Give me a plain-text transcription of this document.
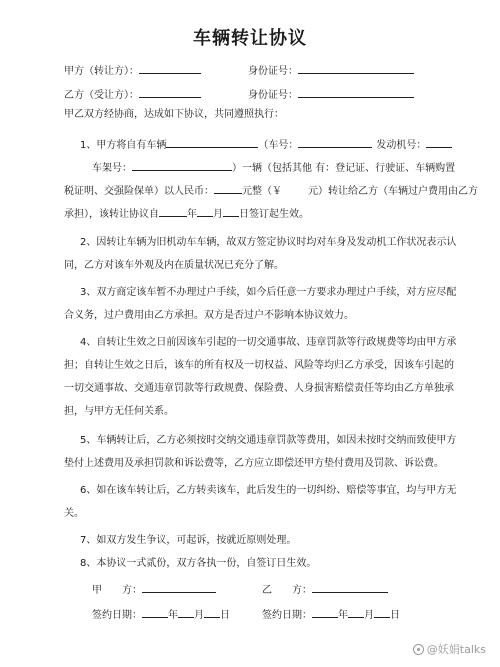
车辆转让协议
甲方（转让方）：	身份证号：
乙方（受让方）：	身份证号：
甲乙双方经协商，达成如下协议，共同遵照执行：
1、甲方将自有车辆	（车号：	发动机号：
车架号：	）一辆（包括其他 有：登记证、行驶证、车辆购置
税证明、交强险保单）以人民币：	元整（￥	元）转让给乙方（车辆过户费用由乙方
承担），该转让协议自	年 月 日签订起生效。
2、因转让车辆为旧机动车车辆，故双方签定协议时均对车身及发动机工作状况表示认
同，乙方对该车外观及内在质量状况已充分了解。
3、双方商定该车暂不办理过户手续，如今后任意一方要求办理过户手续，对方应尽配
合义务，过户费用由乙方承担。双方是否过户不影响本协议效力。
4、自转让生效之日前因该车引起的一切交通事故、违章罚款等行政规费等均由甲方承
担；自转让生效之日后，该车的所有权及一切权益、风险等均归乙方承受，因该车引起的
一切交通事故、交通违章罚款等行政规费、保险费、人身损害赔偿责任等均由乙方单独承
担，与甲方无任何关系。
5、车辆转让后，乙方必须按时交纳交通违章罚款等费用，如因未按时交纳而致使甲方
垫付上述费用及承担罚款和诉讼费等，乙方应立即偿还甲方垫付费用及罚款、诉讼费。
6、如在该车转让后，乙方转卖该车，此后发生的一切纠纷、赔偿等事宜，均与甲方无
关。
7、如双方发生争议，可起诉，按就近原则处理。
8、本协议一式贰份，双方各执一份，自签订日生效。
甲　　方：	乙　　方：
签约日期：	年 月 日	签约日期：	年 月 日
@妖娟talks
